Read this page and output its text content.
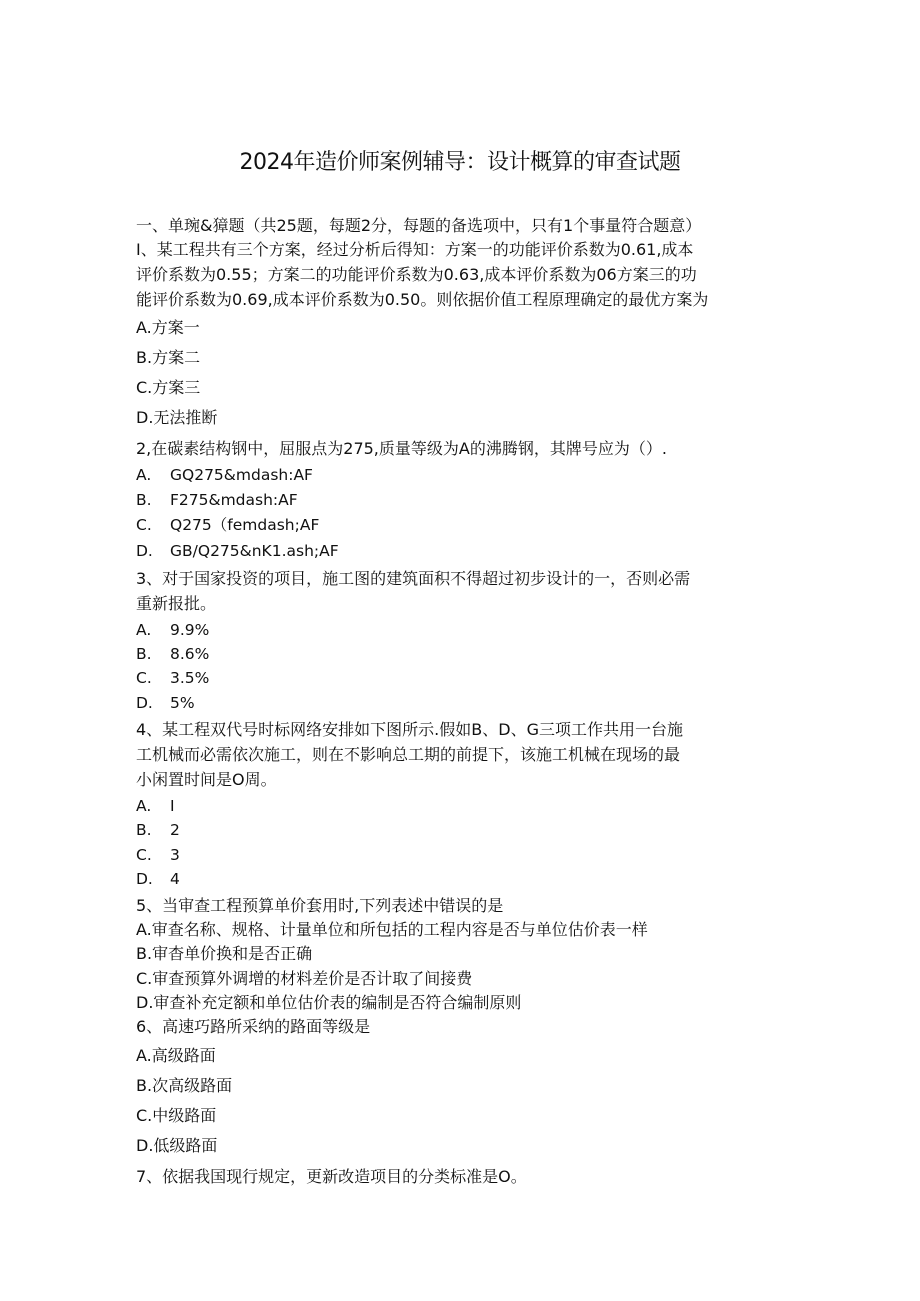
2024年造价师案例辅导：设计概算的审查试题
一、单琬&獐题（共25题，每题2分，每题的备选项中，只有1个事量符合题意）
I、某工程共有三个方案，经过分析后得知：方案一的功能评价系数为0.61,成本
评价系数为0.55；方案二的功能评价系数为0.63,成本评价系数为06方案三的功
能评价系数为0.69,成本评价系数为0.50。则依据价值工程原理确定的最优方案为
A.方案一
B.方案二
C.方案三
D.无法推断
2,在碳素结构钢中，屈服点为275,质量等级为A的沸腾钢，其牌号应为（）.
A. GQ275&mdash:AF
B. F275&mdash:AF
C. Q275（femdash;AF
D. GB/Q275&nK1.ash;AF
3、对于国家投资的项目，施工图的建筑面积不得超过初步设计的一，否则必需
重新报批。
A. 9.9%
B. 8.6%
C. 3.5%
D. 5%
4、某工程双代号时标网络安排如下图所示.假如B、D、G三项工作共用一台施
工机械而必需依次施工，则在不影响总工期的前提下，该施工机械在现场的最
小闲置时间是O周。
A. I
B. 2
C. 3
D. 4
5、当审查工程预算单价套用时,下列表述中错误的是
A.审查名称、规格、计量单位和所包括的工程内容是否与单位估价表一样
B.审杳单价换和是否正确
C.审查预算外调增的材料差价是否计取了间接费
D.审查补充定额和单位估价表的编制是否符合编制原则
6、高速巧路所采纳的路面等级是
A.高级路面
B.次高级路面
C.中级路面
D.低级路面
7、依据我国现行规定，更新改造项目的分类标准是O。
